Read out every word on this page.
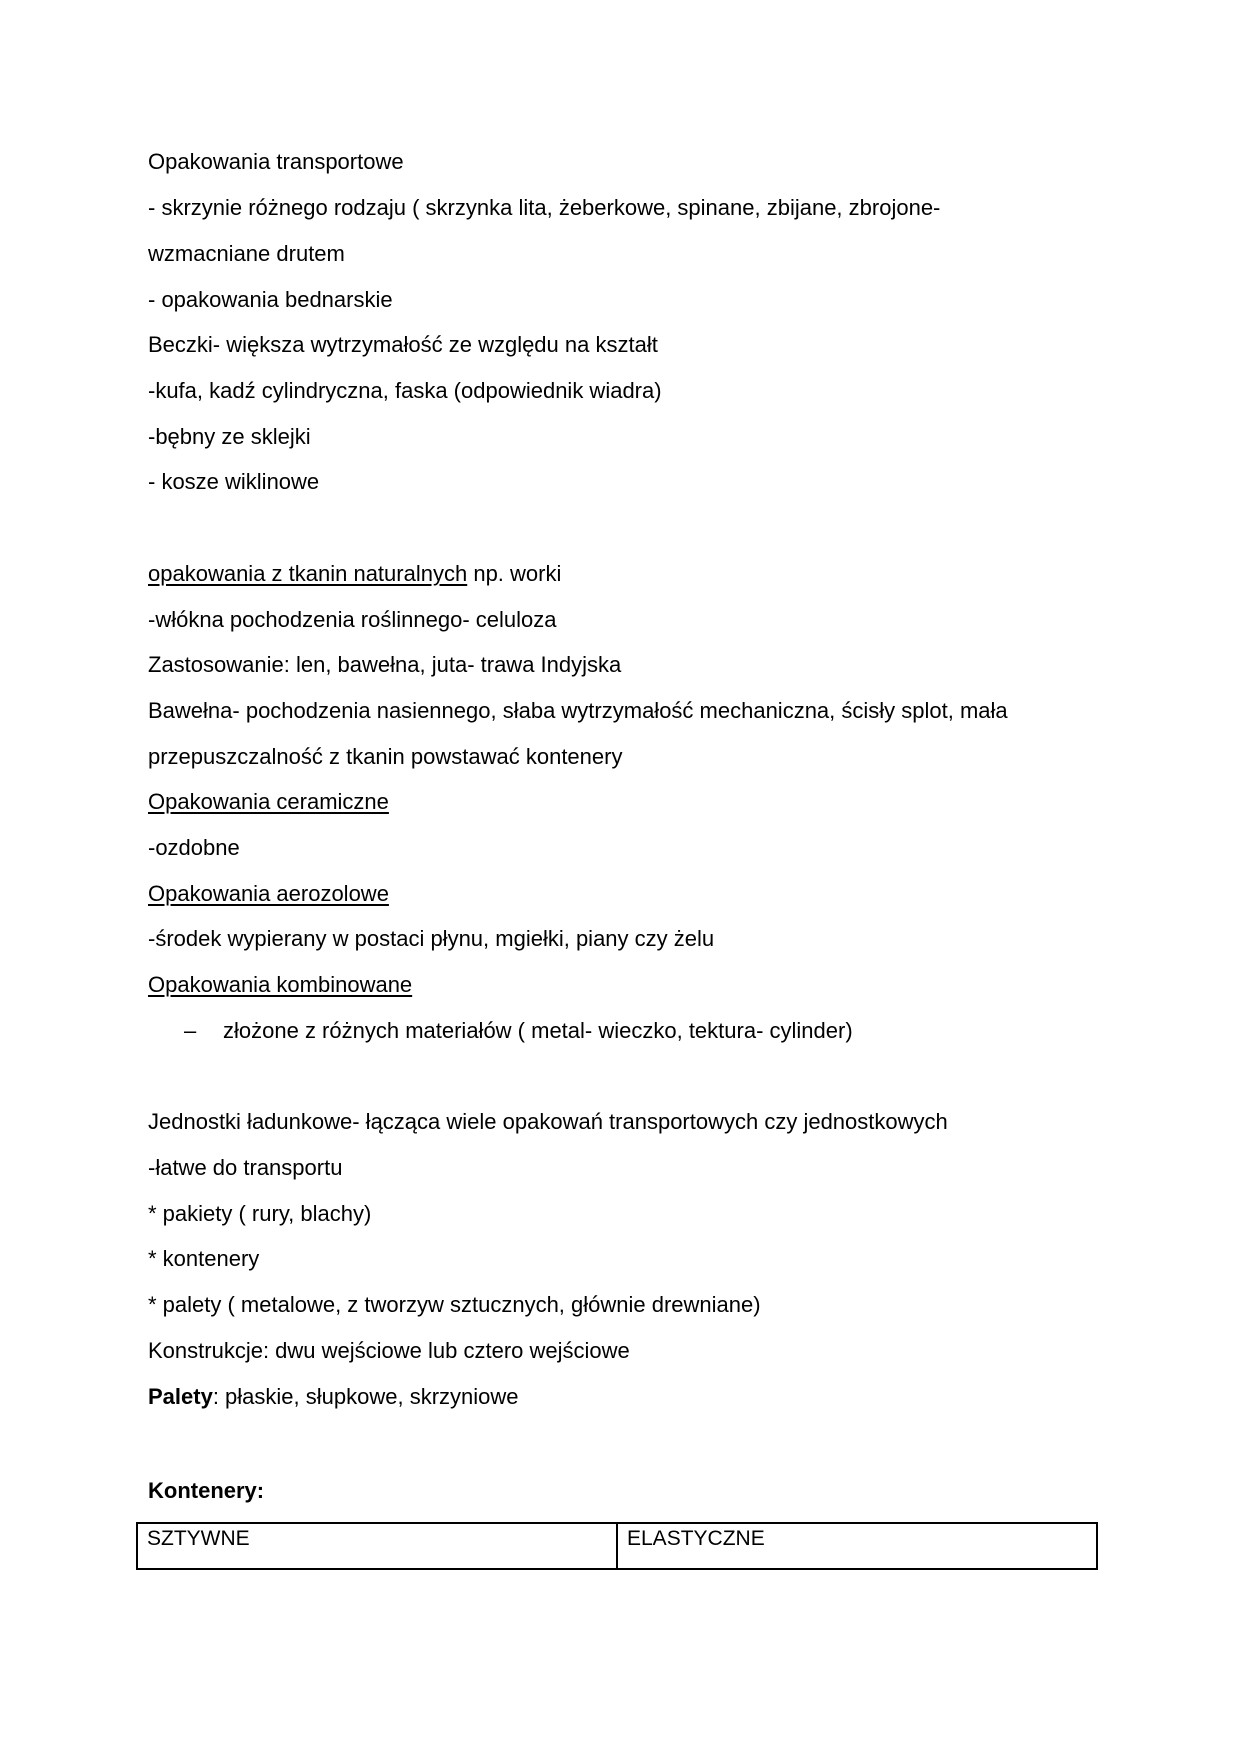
Opakowania transportowe

- skrzynie różnego rodzaju ( skrzynka lita, żeberkowe, spinane, zbijane, zbrojone-

wzmacniane drutem

- opakowania bednarskie

Beczki- większa wytrzymałość ze względu na kształt

-kufa, kadź cylindryczna, faska (odpowiednik wiadra)

-bębny ze sklejki

- kosze wiklinowe

opakowania z tkanin naturalnych np. worki

-włókna pochodzenia roślinnego- celuloza

Zastosowanie: len, bawełna, juta- trawa Indyjska

Bawełna- pochodzenia nasiennego, słaba wytrzymałość mechaniczna, ścisły splot, mała

przepuszczalność z tkanin powstawać kontenery

Opakowania ceramiczne

-ozdobne

Opakowania aerozolowe

-środek wypierany w postaci płynu, mgiełki, piany czy żelu

Opakowania kombinowane

– złożone z różnych materiałów ( metal- wieczko, tektura- cylinder)

Jednostki ładunkowe- łącząca wiele opakowań transportowych czy jednostkowych

-łatwe do transportu

* pakiety ( rury, blachy)

* kontenery

* palety ( metalowe, z tworzyw sztucznych, głównie drewniane)

Konstrukcje: dwu wejściowe lub cztero wejściowe

Palety: płaskie, słupkowe, skrzyniowe

Kontenery:

SZTYWNE	ELASTYCZNE
